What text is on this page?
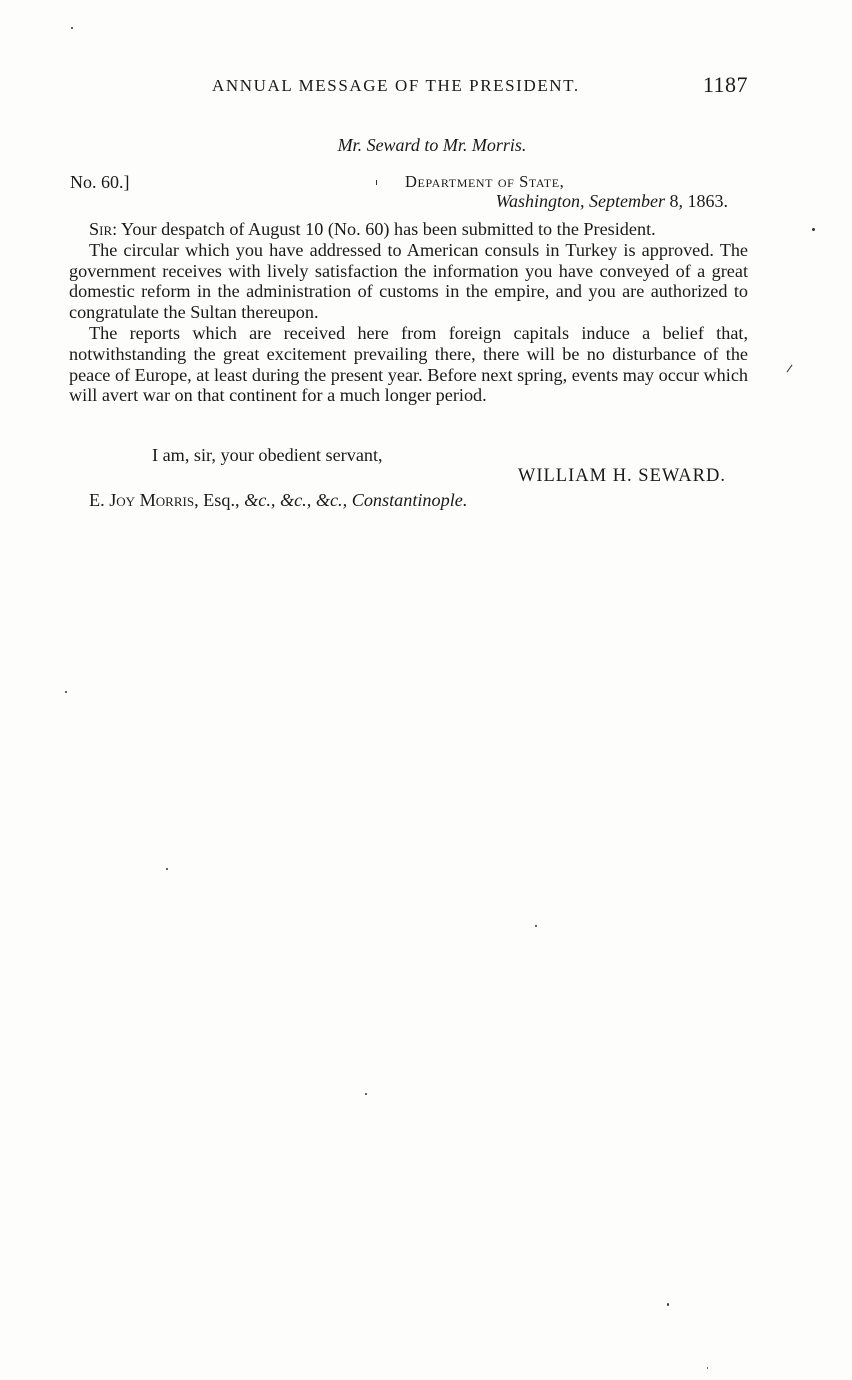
ANNUAL MESSAGE OF THE PRESIDENT.	1187
Mr. Seward to Mr. Morris.
No. 60.]	Department of State,
Washington, September 8, 1863.

Sir: Your despatch of August 10 (No. 60) has been submitted to the President.

The circular which you have addressed to American consuls in Turkey is approved. The government receives with lively satisfaction the information you have conveyed of a great domestic reform in the administration of customs in the empire, and you are authorized to congratulate the Sultan thereupon.

The reports which are received here from foreign capitals induce a belief that, notwithstanding the great excitement prevailing there, there will be no disturbance of the peace of Europe, at least during the present year. Before next spring, events may occur which will avert war on that continent for a much longer period.

I am, sir, your obedient servant,
WILLIAM H. SEWARD.
E. Joy Morris, Esq., &c., &c., &c., Constantinople.
